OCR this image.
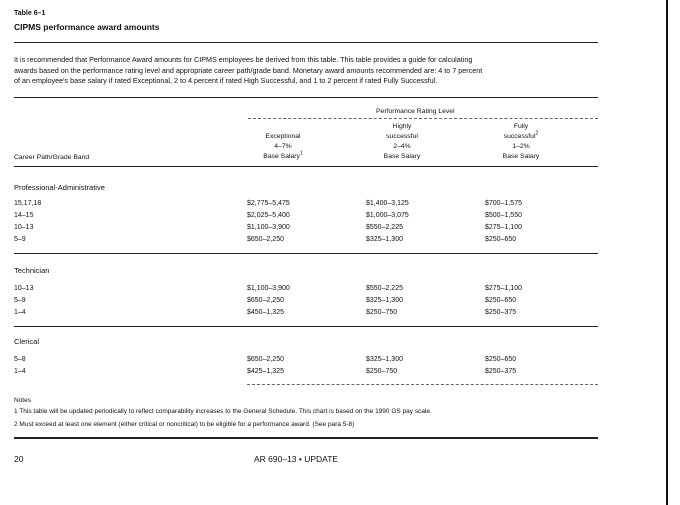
Table 6–1
CIPMS performance award amounts
It is recommended that Performance Award amounts for CIPMS employees be derived from this table. This table provides a guide for calculating
awards based on the performance rating level and appropriate career path/grade band. Monetary award amounts recommended are: 4 to 7 percent
of an employee's base salary if rated Exceptional, 2 to 4 percent if rated High Successful, and 1 to 2 percent if rated Fully Successful.
Performance Rating Level
Exceptional
4–7%
Base Salary$^1$
Highly
successful
2–4%
Base Salary
Fully
successful$^2$
1–2%
Base Salary
Career Path/Grade Band
Professional-Administrative
15,17,18	$2,775–5,475	$1,400–3,125	$700–1,575
14–15	$2,025–5,400	$1,000–3,075	$500–1,550
10–13	$1,100–3,900	$550–2,225	$275–1,100
5–9	$650–2,250	$325–1,300	$250–650
Technician
10–13	$1,100–3,900	$550–2,225	$275–1,100
5–9	$650–2,250	$325–1,300	$250–650
1–4	$450–1,325	$250–750	$250–375
Clerical
5–8	$650–2,250	$325–1,300	$250–650
1–4	$425–1,325	$250–750	$250–375
Notes
1 This table will be updated periodically to reflect comparability increases to the General Schedule. This chart is based on the 1990 GS pay scale.
2 Must exceed at least one element (either critical or noncritical) to be eligible for a performance award. (See para 5-8)
20	AR 690–13 • UPDATE
